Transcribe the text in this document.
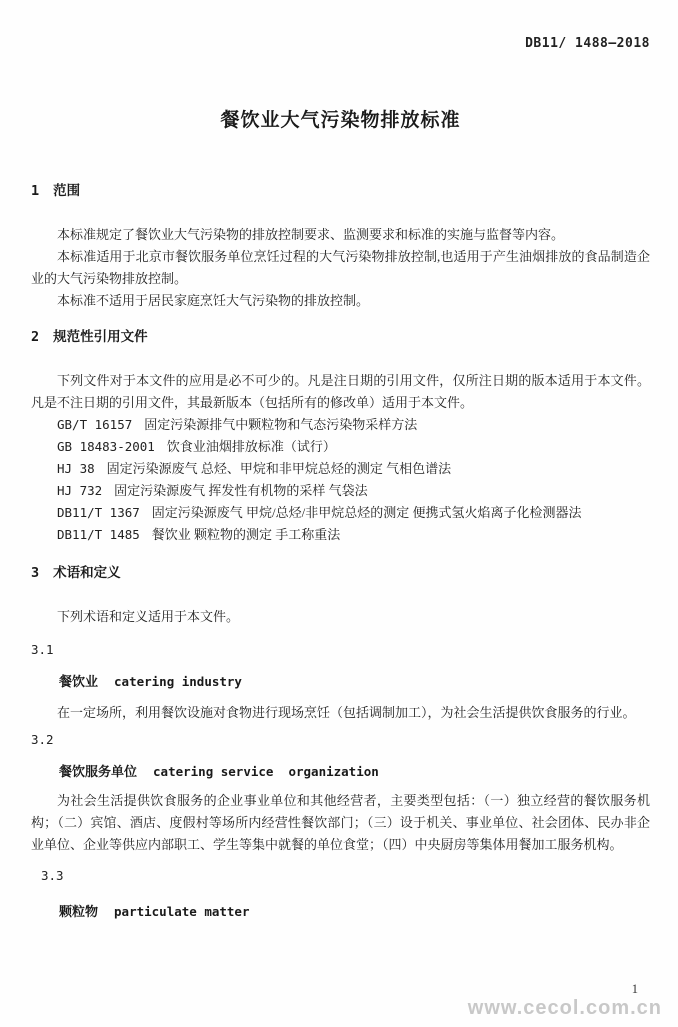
DB11/ 1488—2018
餐饮业大气污染物排放标准
1 范围

本标准规定了餐饮业大气污染物的排放控制要求、监测要求和标准的实施与监督等内容。

本标准适用于北京市餐饮服务单位烹饪过程的大气污染物排放控制,也适用于产生油烟排放的食品制造企业的大气污染物排放控制。

本标准不适用于居民家庭烹饪大气污染物的排放控制。

2 规范性引用文件

下列文件对于本文件的应用是必不可少的。凡是注日期的引用文件，仅所注日期的版本适用于本文件。凡是不注日期的引用文件，其最新版本（包括所有的修改单）适用于本文件。

GB/T 16157 固定污染源排气中颗粒物和气态污染物采样方法
GB 18483-2001 饮食业油烟排放标准（试行）
HJ 38 固定污染源废气 总烃、甲烷和非甲烷总烃的测定 气相色谱法
HJ 732 固定污染源废气 挥发性有机物的采样 气袋法
DB11/T 1367 固定污染源废气 甲烷/总烃/非甲烷总烃的测定 便携式氢火焰离子化检测器法
DB11/T 1485 餐饮业 颗粒物的测定 手工称重法
3 术语和定义

下列术语和定义适用于本文件。

3.1
餐饮业 catering industry

在一定场所，利用餐饮设施对食物进行现场烹饪（包括调制加工），为社会生活提供饮食服务的行业。

3.2
餐饮服务单位 catering service  organization

为社会生活提供饮食服务的企业事业单位和其他经营者，主要类型包括：（一）独立经营的餐饮服务机构；（二）宾馆、酒店、度假村等场所内经营性餐饮部门；（三）设于机关、事业单位、社会团体、民办非企业单位、企业等供应内部职工、学生等集中就餐的单位食堂；（四）中央厨房等集体用餐加工服务机构。

3.3
颗粒物 particulate matter
1
www.cecol.com.cn
